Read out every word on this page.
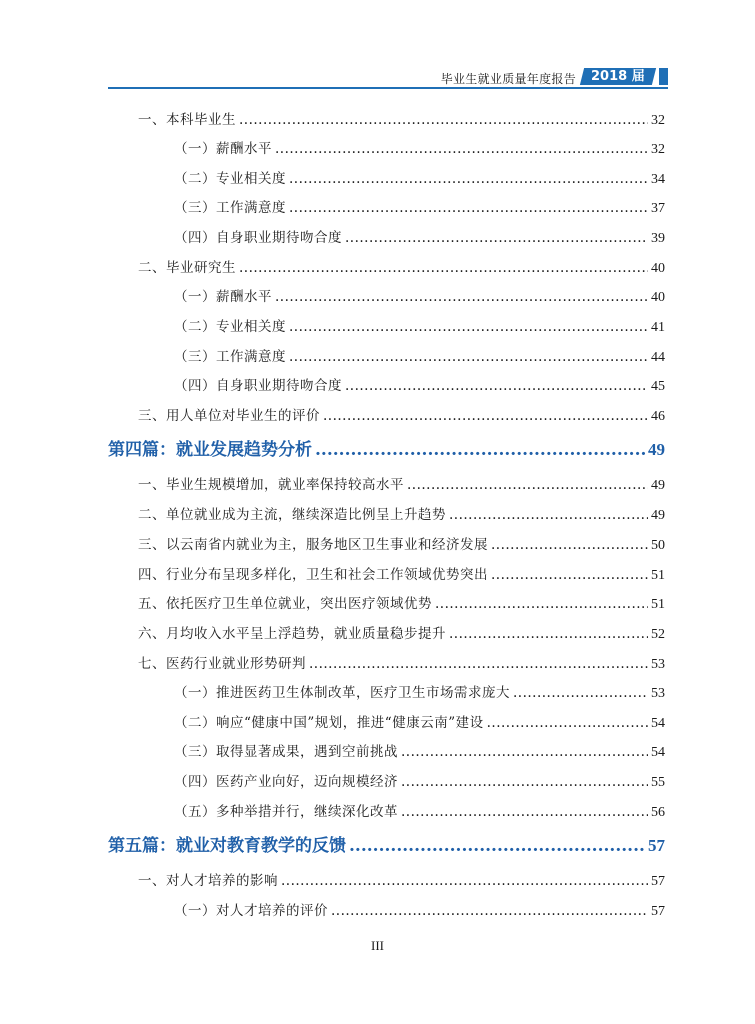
毕业生就业质量年度报告	2018 届
一、本科毕业生 .....	32
（一）薪酬水平 .....	32
（二）专业相关度 .....	34
（三）工作满意度 .....	37
（四）自身职业期待吻合度 .....	39
二、毕业研究生 .....	40
（一）薪酬水平 .....	40
（二）专业相关度 .....	41
（三）工作满意度 .....	44
（四）自身职业期待吻合度 .....	45
三、用人单位对毕业生的评价 .....	46
第四篇：就业发展趋势分析 .....	49
一、毕业生规模增加，就业率保持较高水平 .....	49
二、单位就业成为主流，继续深造比例呈上升趋势 .....	49
三、以云南省内就业为主，服务地区卫生事业和经济发展 .....	50
四、行业分布呈现多样化，卫生和社会工作领域优势突出 .....	51
五、依托医疗卫生单位就业，突出医疗领域优势 .....	51
六、月均收入水平呈上浮趋势，就业质量稳步提升 .....	52
七、医药行业就业形势研判 .....	53
（一）推进医药卫生体制改革，医疗卫生市场需求庞大 .....	53
（二）响应“健康中国”规划，推进“健康云南”建设 .....	54
（三）取得显著成果，遇到空前挑战 .....	54
（四）医药产业向好，迈向规模经济 .....	55
（五）多种举措并行，继续深化改革 .....	56
第五篇：就业对教育教学的反馈 .....	57
一、对人才培养的影响 .....	57
（一）对人才培养的评价 .....	57
III
